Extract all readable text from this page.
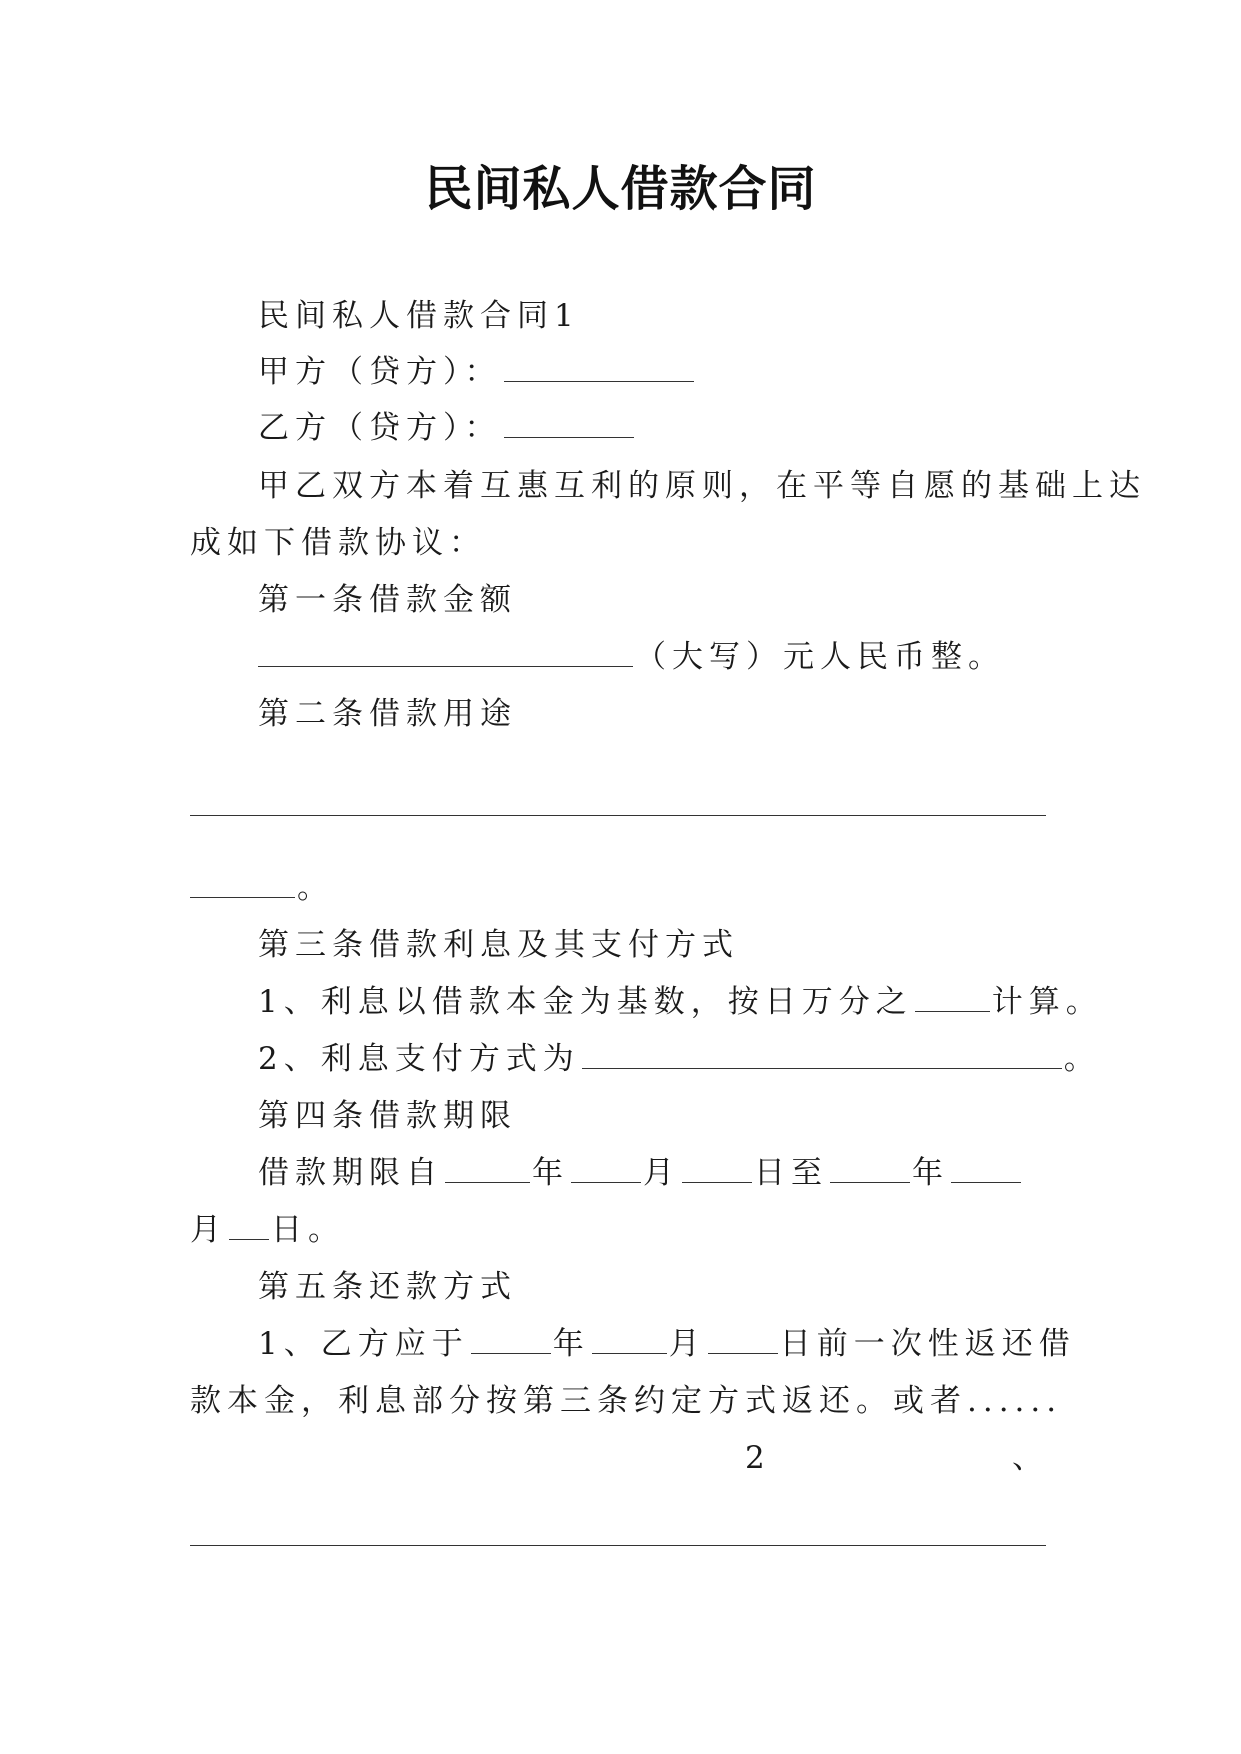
民间私人借款合同
民间私人借款合同1
甲方（贷方）：
乙方（贷方）：
甲乙双方本着互惠互利的原则，在平等自愿的基础上达
成如下借款协议：
第一条借款金额
（大写）元人民币整。
第二条借款用途
。
第三条借款利息及其支付方式
1、利息以借款本金为基数，按日万分之	计算。
2、利息支付方式为	。
第四条借款期限
借款期限自	年 月 日至	年
月 日。
第五条还款方式
1、乙方应于	年	月 日前一次性返还借
款本金，利息部分按第三条约定方式返还。或者......
2	、
